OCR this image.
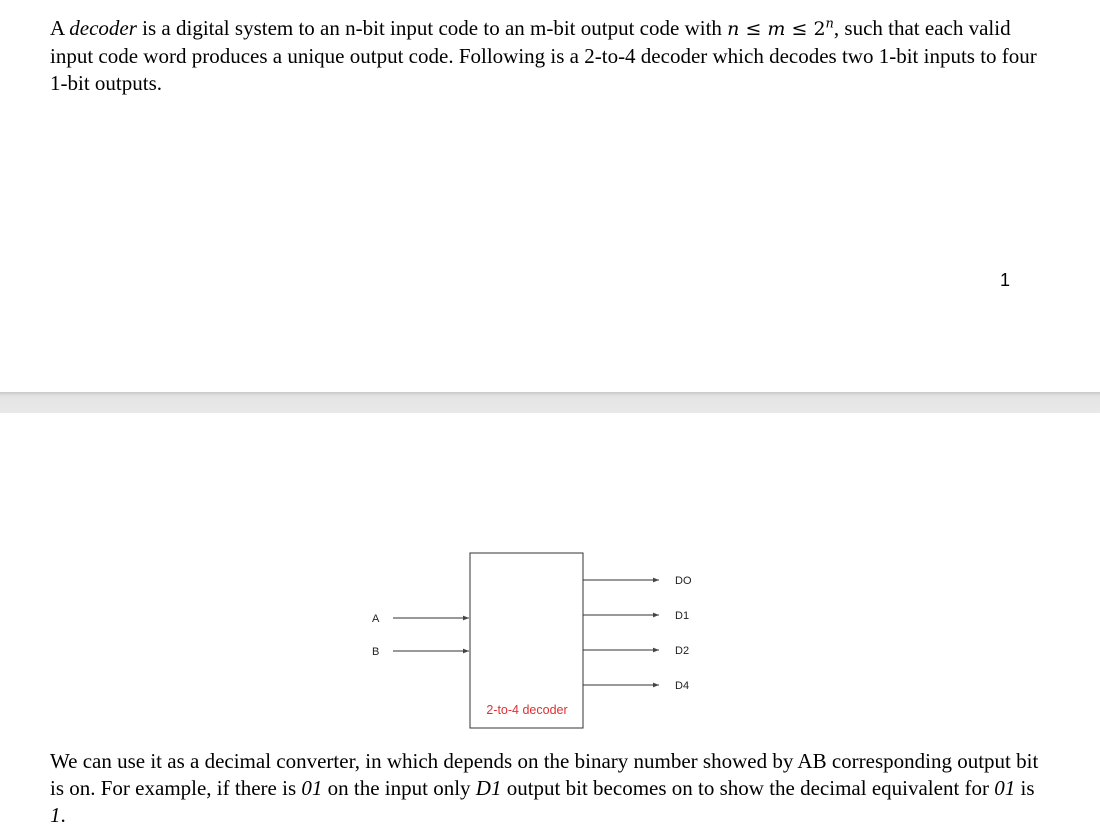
A decoder is a digital system to an n-bit input code to an m-bit output code with $n \le m \le 2^n$, such that each valid input code word produces a unique output code. Following is a 2-to-4 decoder which decodes two 1-bit inputs to four 1-bit outputs.

1
A
B
DO
D1
D2
D4
2-to-4 decoder

We can use it as a decimal converter, in which depends on the binary number showed by AB corresponding output bit is on. For example, if there is 01 on the input only D1 output bit becomes on to show the decimal equivalent for 01 is 1.
